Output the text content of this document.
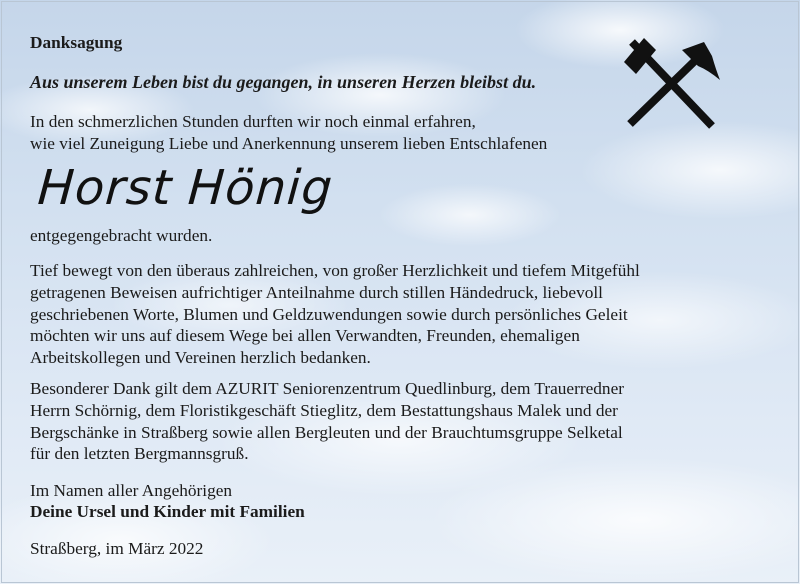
Danksagung

Aus unserem Leben bist du gegangen, in unseren Herzen bleibst du.

In den schmerzlichen Stunden durften wir noch einmal erfahren,
wie viel Zuneigung Liebe und Anerkennung unserem lieben Entschlafenen

Horst Hönig

entgegengebracht wurden.

Tief bewegt von den überaus zahlreichen, von großer Herzlichkeit und tiefem Mitgefühl
getragenen Beweisen aufrichtiger Anteilnahme durch stillen Händedruck, liebevoll
geschriebenen Worte, Blumen und Geldzuwendungen sowie durch persönliches Geleit
möchten wir uns auf diesem Wege bei allen Verwandten, Freunden, ehemaligen
Arbeitskollegen und Vereinen herzlich bedanken.
Besonderer Dank gilt dem AZURIT Seniorenzentrum Quedlinburg, dem Trauerredner
Herrn Schörnig, dem Floristikgeschäft Stieglitz, dem Bestattungshaus Malek und der
Bergschänke in Straßberg sowie allen Bergleuten und der Brauchtumsgruppe Selketal
für den letzten Bergmannsgruß.

Im Namen aller Angehörigen

Deine Ursel und Kinder mit Familien

Straßberg, im März 2022
